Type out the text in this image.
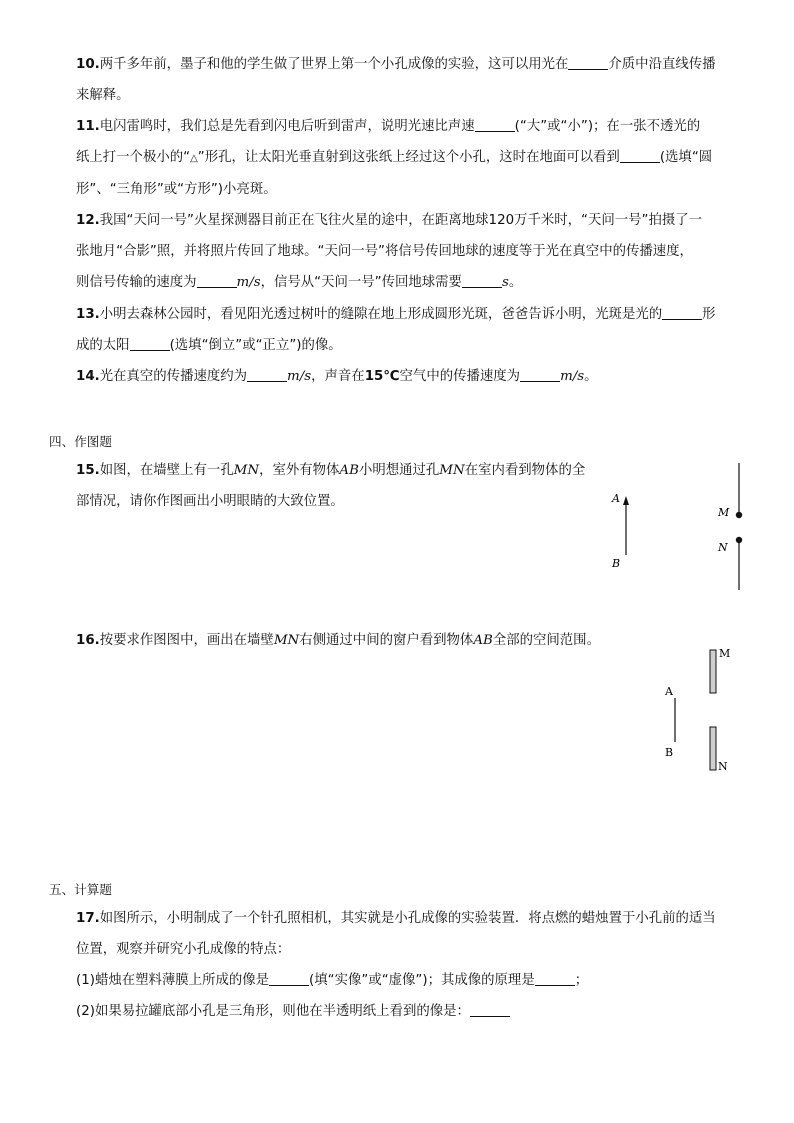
10.两千多年前，墨子和他的学生做了世界上第一个小孔成像的实验，这可以用光在	介质中沿直线传播
来解释。
11.电闪雷鸣时，我们总是先看到闪电后听到雷声，说明光速比声速	(“大”或“小”)；在一张不透光的
纸上打一个极小的“△”形孔，让太阳光垂直射到这张纸上经过这个小孔，这时在地面可以看到	(选填“圆
形”、“三角形”或“方形”)小亮斑。
12.我国“天问一号”火星探测器目前正在飞往火星的途中，在距离地球120万千米时，“天问一号”拍摄了一
张地月“合影”照，并将照片传回了地球。“天问一号”将信号传回地球的速度等于光在真空中的传播速度，
则信号传输的速度为	m/s，信号从“天问一号”传回地球需要	s。
13.小明去森林公园时，看见阳光透过树叶的缝隙在地上形成圆形光斑，爸爸告诉小明，光斑是光的	形
成的太阳	(选填“倒立”或“正立”)的像。
14.光在真空的传播速度约为	m/s，声音在15℃空气中的传播速度为	m/s。
四、作图题
15.如图，在墙壁上有一孔MN，室外有物体AB小明想通过孔MN在室内看到物体的全
部情况，请你作图画出小明眼睛的大致位置。	A
B
M
N
A
B
M
N
16.按要求作图图中，画出在墙壁MN右侧通过中间的窗户看到物体AB全部的空间范围。
五、计算题
17.如图所示，小明制成了一个针孔照相机，其实就是小孔成像的实验装置．将点燃的蜡烛置于小孔前的适当
位置，观察并研究小孔成像的特点：
(1)蜡烛在塑料薄膜上所成的像是	(填“实像”或“虚像”)；其成像的原理是	；
(2)如果易拉罐底部小孔是三角形，则他在半透明纸上看到的像是：
